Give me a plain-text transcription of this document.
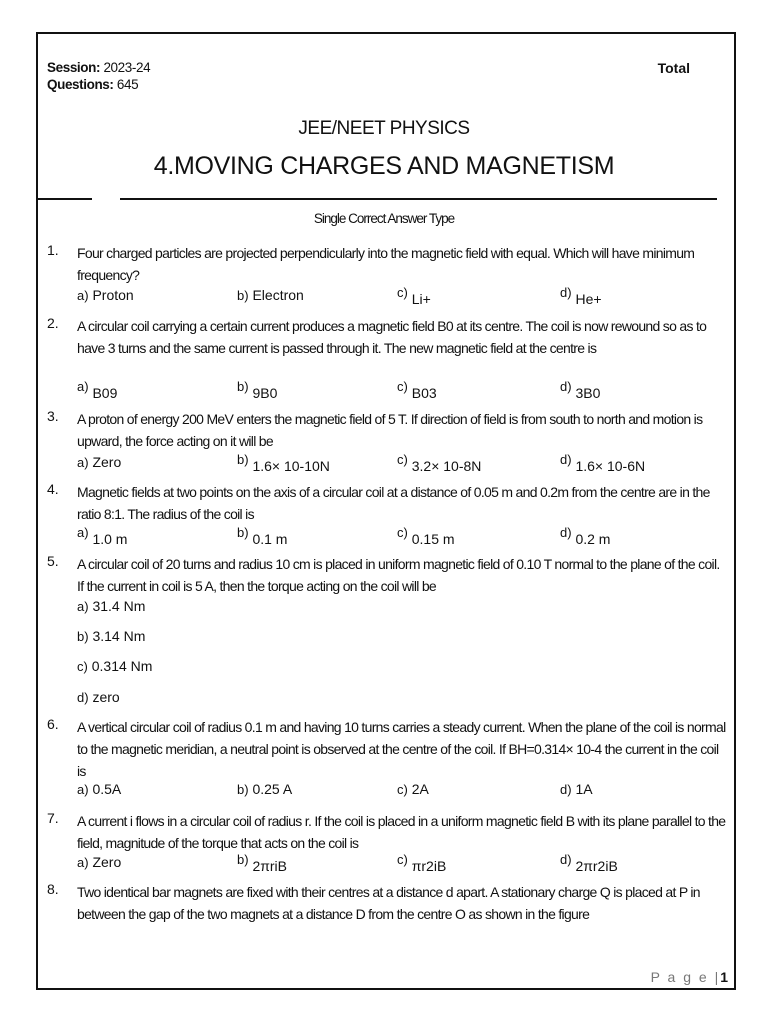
Session: 2023-24
Questions: 645
Total
JEE/NEET PHYSICS
4.MOVING CHARGES AND MAGNETISM
Single Correct Answer Type
1. Four charged particles are projected perpendicularly into the magnetic field with equal. Which will have minimum frequency?
a) Proton	b) Electron	c) Li+	d) He+
2. A circular coil carrying a certain current produces a magnetic field B0 at its centre. The coil is now rewound so as to have 3 turns and the same current is passed through it. The new magnetic field at the centre is
a) B09	b) 9B0	c) B03	d) 3B0
3. A proton of energy 200 MeV enters the magnetic field of 5 T. If direction of field is from south to north and motion is upward, the force acting on it will be
a) Zero	b) 1.6× 10-10N	c) 3.2× 10-8N	d) 1.6× 10-6N
4. Magnetic fields at two points on the axis of a circular coil at a distance of 0.05 m and 0.2m from the centre are in the ratio 8:1. The radius of the coil is
a) 1.0 m	b) 0.1 m	c) 0.15 m	d) 0.2 m
5. A circular coil of 20 turns and radius 10 cm is placed in uniform magnetic field of 0.10 T normal to the plane of the coil. If the current in coil is 5 A, then the torque acting on the coil will be
a) 31.4 Nm
b) 3.14 Nm
c) 0.314 Nm
d) zero
6. A vertical circular coil of radius 0.1 m and having 10 turns carries a steady current. When the plane of the coil is normal to the magnetic meridian, a neutral point is observed at the centre of the coil. If BH=0.314× 10-4 the current in the coil is
a) 0.5A	b) 0.25 A	c) 2A	d) 1A
7. A current i flows in a circular coil of radius r. If the coil is placed in a uniform magnetic field B with its plane parallel to the field, magnitude of the torque that acts on the coil is
a) Zero	b) 2πriB	c) πr2iB	d) 2πr2iB
8. Two identical bar magnets are fixed with their centres at a distance d apart. A stationary charge Q is placed at P in between the gap of the two magnets at a distance D from the centre O as shown in the figure
P a g e |1
